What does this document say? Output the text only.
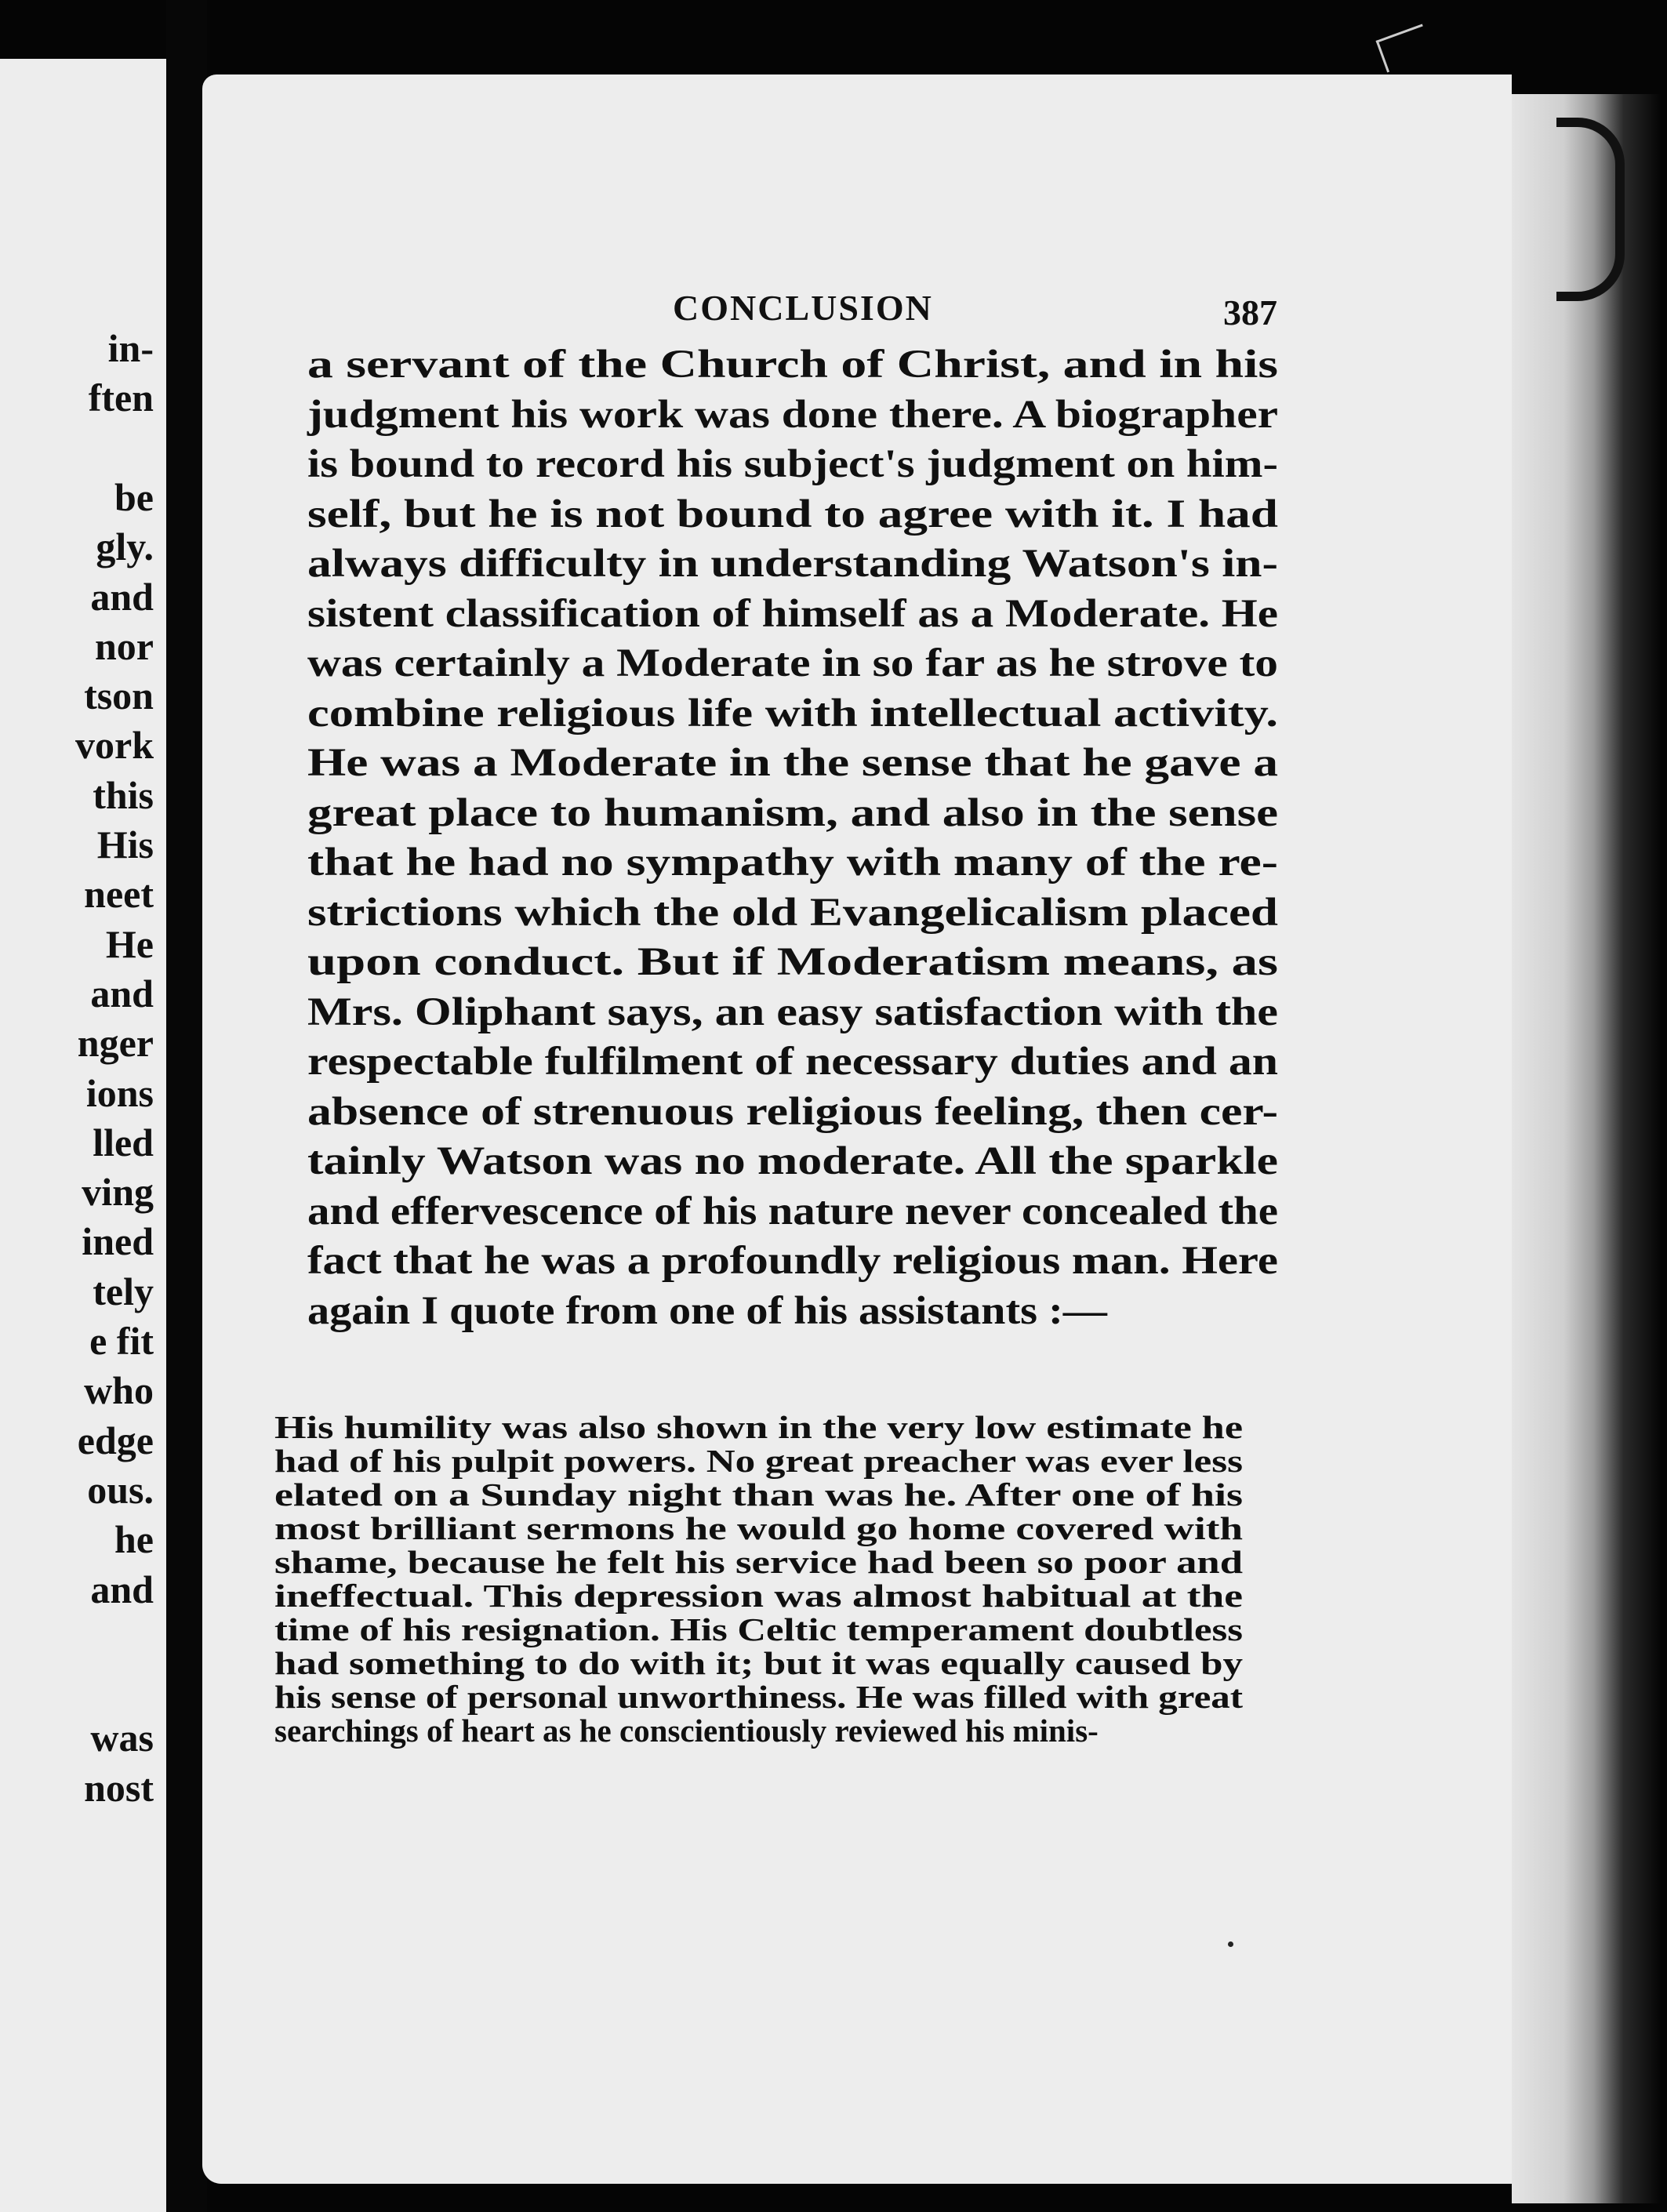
in-
ften
be
gly.
and
nor
tson
vork
this
His
neet
He
and
nger
ions
lled
ving
ined
tely
e fit
who
edge
ous.
he
and
was
nost
CONCLUSION	387
a servant of the Church of Christ, and in his
judgment his work was done there. A biographer
is bound to record his subject's judgment on him-
self, but he is not bound to agree with it. I had
always difficulty in understanding Watson's in-
sistent classification of himself as a Moderate. He
was certainly a Moderate in so far as he strove to
combine religious life with intellectual activity.
He was a Moderate in the sense that he gave a
great place to humanism, and also in the sense
that he had no sympathy with many of the re-
strictions which the old Evangelicalism placed
upon conduct. But if Moderatism means, as
Mrs. Oliphant says, an easy satisfaction with the
respectable fulfilment of necessary duties and an
absence of strenuous religious feeling, then cer-
tainly Watson was no moderate. All the sparkle
and effervescence of his nature never concealed the
fact that he was a profoundly religious man. Here
again I quote from one of his assistants :—
His humility was also shown in the very low estimate he
had of his pulpit powers. No great preacher was ever less
elated on a Sunday night than was he. After one of his
most brilliant sermons he would go home covered with
shame, because he felt his service had been so poor and
ineffectual. This depression was almost habitual at the
time of his resignation. His Celtic temperament doubtless
had something to do with it; but it was equally caused by
his sense of personal unworthiness. He was filled with great
searchings of heart as he conscientiously reviewed his minis-
